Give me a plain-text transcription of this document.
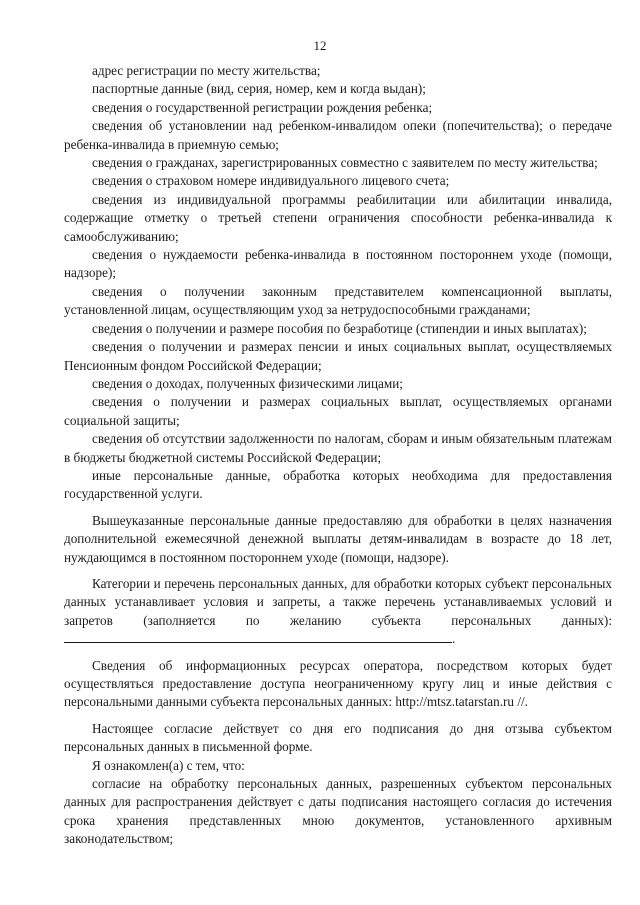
12

адрес регистрации по месту жительства;

паспортные данные (вид, серия, номер, кем и когда выдан);

сведения о государственной регистрации рождения ребенка;

сведения об установлении над ребенком-инвалидом опеки (попечительства); о передаче ребенка-инвалида в приемную семью;

сведения о гражданах, зарегистрированных совместно с заявителем по месту жительства;

сведения о страховом номере индивидуального лицевого счета;

сведения из индивидуальной программы реабилитации или абилитации инвалида, содержащие отметку о третьей степени ограничения способности ребенка-инвалида к самообслуживанию;

сведения о нуждаемости ребенка-инвалида в постоянном постороннем уходе (помощи, надзоре);

сведения о получении законным представителем компенсационной выплаты, установленной лицам, осуществляющим уход за нетрудоспособными гражданами;

сведения о получении и размере пособия по безработице (стипендии и иных выплатах);

сведения о получении и размерах пенсии и иных социальных выплат, осуществляемых Пенсионным фондом Российской Федерации;

сведения о доходах, полученных физическими лицами;

сведения о получении и размерах социальных выплат, осуществляемых органами социальной защиты;

сведения об отсутствии задолженности по налогам, сборам и иным обязательным платежам в бюджеты бюджетной системы Российской Федерации;

иные персональные данные, обработка которых необходима для предоставления государственной услуги.

Вышеуказанные персональные данные предоставляю для обработки в целях назначения дополнительной ежемесячной денежной выплаты детям-инвалидам в возрасте до 18 лет, нуждающимся в постоянном постороннем уходе (помощи, надзоре).

Категории и перечень персональных данных, для обработки которых субъект персональных данных устанавливает условия и запреты, а также перечень устанавливаемых условий и запретов (заполняется по желанию субъекта персональных данных):.

Сведения об информационных ресурсах оператора, посредством которых будет осуществляться предоставление доступа неограниченному кругу лиц и иные действия с персональными данными субъекта персональных данных: http://mtsz.tatarstan.ru //.

Настоящее согласие действует со дня его подписания до дня отзыва субъектом персональных данных в письменной форме.

Я ознакомлен(а) с тем, что:

согласие на обработку персональных данных, разрешенных субъектом персональных данных для распространения действует с даты подписания настоящего согласия до истечения срока хранения представленных мною документов, установленного архивным законодательством;
